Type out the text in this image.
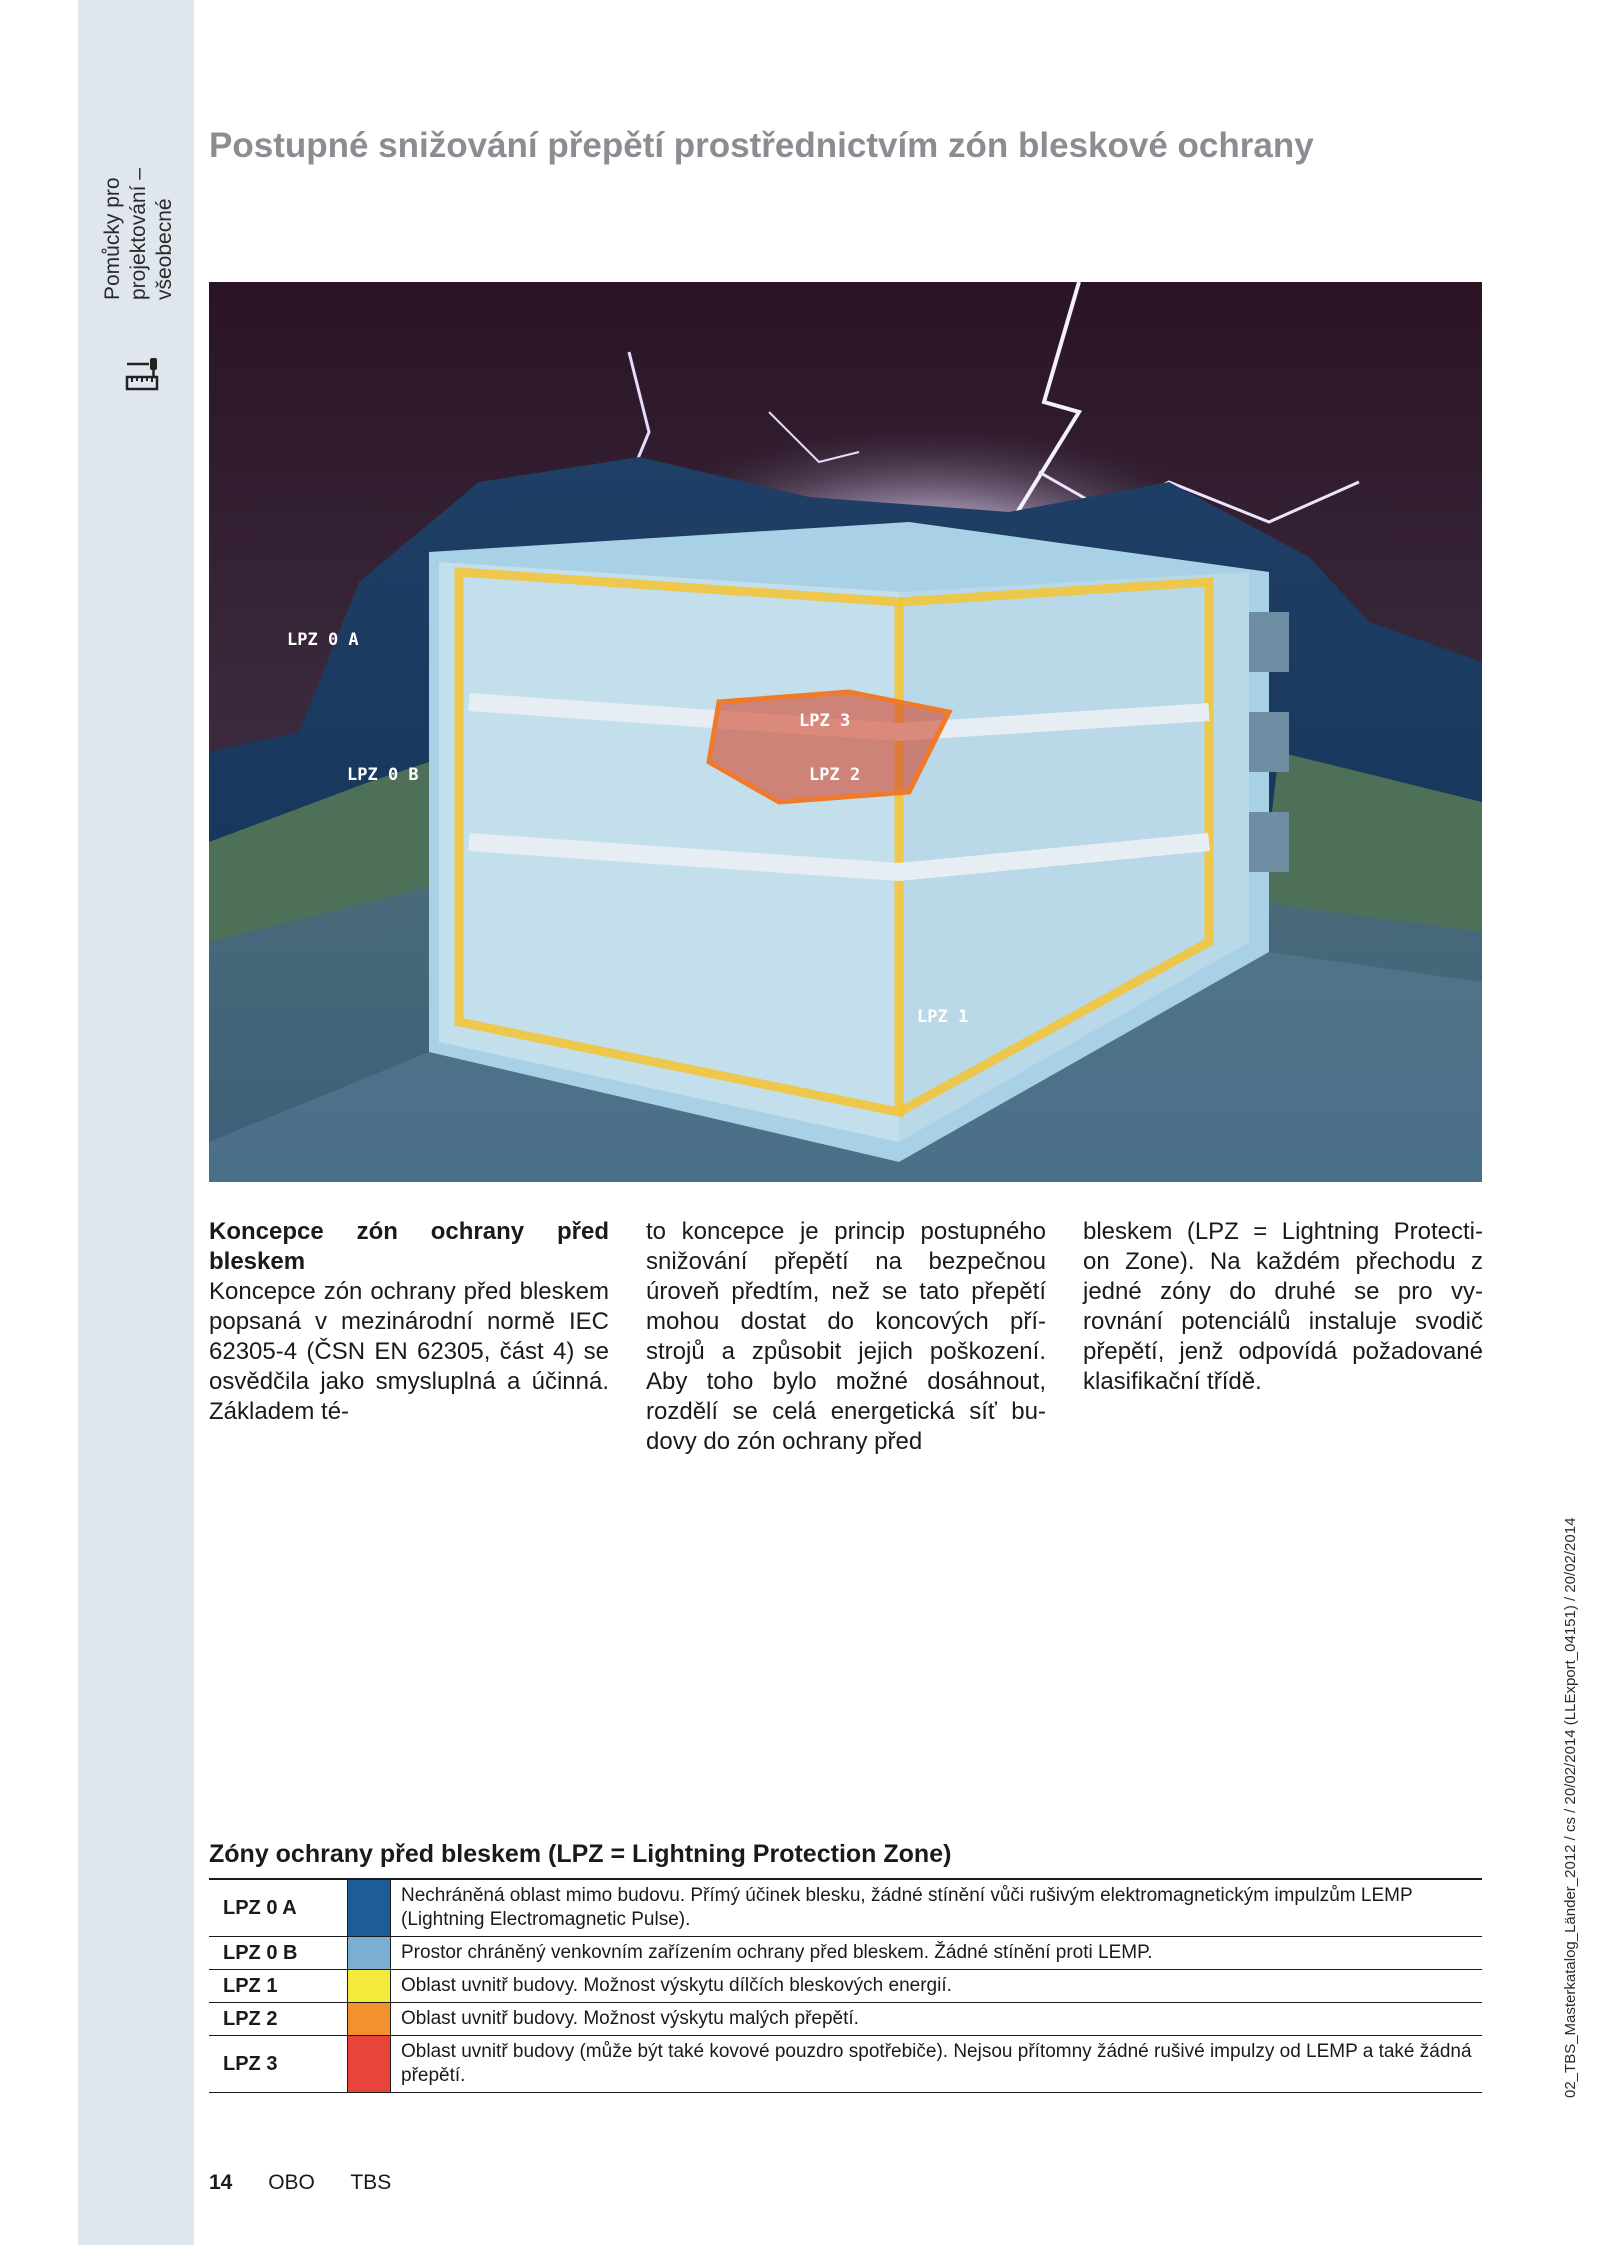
Pomůcky pro projektování – všeobecné
Postupné snižování přepětí prostřednictvím zón bleskové ochrany
LPZ 0 A
LPZ 0 B
LPZ 3
LPZ 2
LPZ 1
Koncepce zón ochrany před bleskem

Koncepce zón ochrany před bleskem popsaná v mezinárodní normě IEC 62305-4 (ČSN EN 62305, část 4) se osvědčila jako smysluplná a účinná. Základem té-

to koncepce je princip postupného snižování přepětí na bezpečnou úroveň předtím, než se tato přepětí mohou dostat do koncových pří- strojů a způsobit jejich poškození. Aby toho bylo možné dosáhnout, rozdělí se celá energetická síť bu- dovy do zón ochrany před

bleskem (LPZ = Lightning Protecti- on Zone). Na každém přechodu z jedné zóny do druhé se pro vy- rovnání potenciálů instaluje svodič přepětí, jenž odpovídá požadované klasifikační třídě.

Zóny ochrany před bleskem (LPZ = Lightning Protection Zone)
LPZ 0 A		Nechráněná oblast mimo budovu. Přímý účinek blesku, žádné stínění vůči rušivým elektromagnetickým impulzům LEMP (Lightning Electromagnetic Pulse).
LPZ 0 B		Prostor chráněný venkovním zařízením ochrany před bleskem. Žádné stínění proti LEMP.
LPZ 1		Oblast uvnitř budovy. Možnost výskytu dílčích bleskových energií.
LPZ 2		Oblast uvnitř budovy. Možnost výskytu malých přepětí.
LPZ 3		Oblast uvnitř budovy (může být také kovové pouzdro spotřebiče). Nejsou přítomny žádné rušivé impulzy od LEMP a také žádná přepětí.
14 OBO TBS
02_TBS_Masterkatalog_Länder_2012 / cs / 20/02/2014 (LLExport_04151) / 20/02/2014
